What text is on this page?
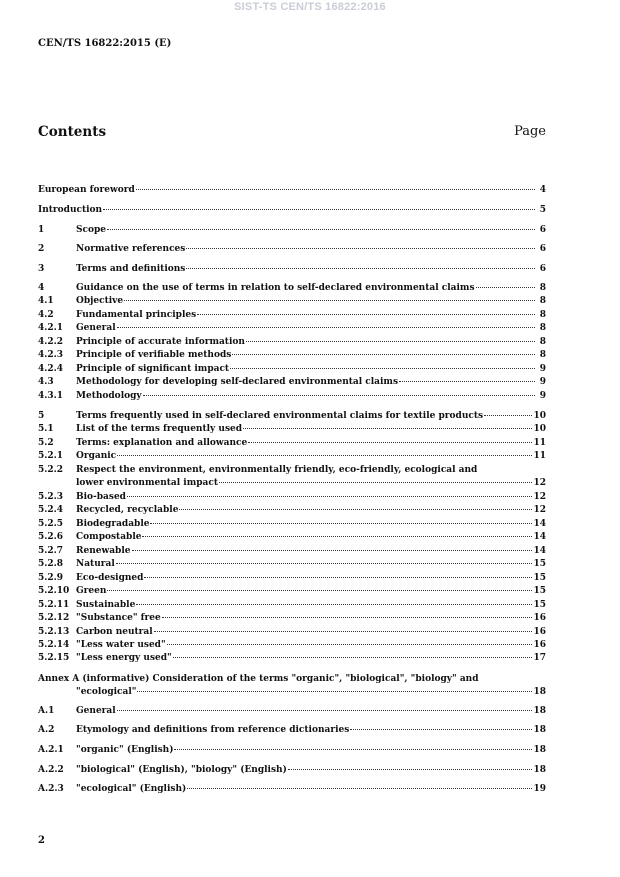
SIST-TS CEN/TS 16822:2016
CEN/TS 16822:2015 (E)
Contents	Page
European foreword	4
Introduction	5
1	Scope	6
2	Normative references	6
3	Terms and definitions	6
4	Guidance on the use of terms in relation to self-declared environmental claims	8
4.1 Objective	8
4.2 Fundamental principles	8
4.2.1 General	8
4.2.2 Principle of accurate information	8
4.2.3 Principle of verifiable methods	8
4.2.4 Principle of significant impact	9
4.3 Methodology for developing self-declared environmental claims	9
4.3.1 Methodology	9
5	Terms frequently used in self-declared environmental claims for textile products	10
5.1 List of the terms frequently used	10
5.2 Terms: explanation and allowance	11
5.2.1 Organic	11
5.2.2 Respect the environment, environmentally friendly, eco-friendly, ecological and
lower environmental impact	12
5.2.3 Bio-based	12
5.2.4 Recycled, recyclable	12
5.2.5 Biodegradable	14
5.2.6 Compostable	14
5.2.7 Renewable	14
5.2.8 Natural	15
5.2.9 Eco-designed	15
5.2.10 Green	15
5.2.11 Sustainable	15
5.2.12 "Substance" free	16
5.2.13 Carbon neutral	16
5.2.14 "Less water used"	16
5.2.15 "Less energy used"	17
Annex A (informative) Consideration of the terms "organic", "biological", "biology" and
"ecological"	18
A.1 General	18
A.2 Etymology and definitions from reference dictionaries	18
A.2.1 "organic" (English)	18
A.2.2 "biological" (English), "biology" (English)	18
A.2.3 "ecological" (English)	19
2
